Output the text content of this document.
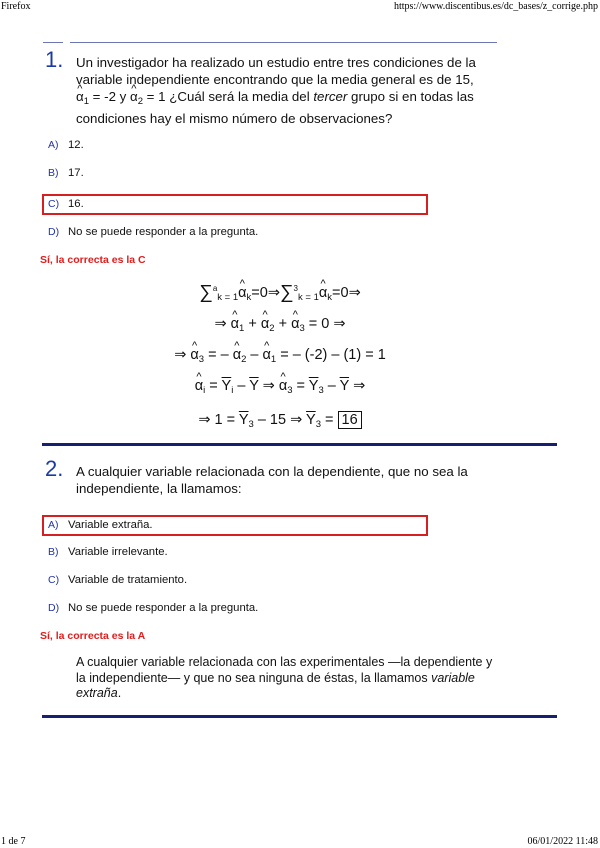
Firefox	https://www.discentibus.es/dc_bases/z_corrige.php
1 de 7	06/01/2022 11:48
1. Un investigador ha realizado un estudio entre tres condiciones de la
variable independiente encontrando que la media general es de 15,
^ $\alpha_1 = -2$ y ^ $\alpha_2 = 1$ ¿Cuál será la media del tercer grupo si en todas las
condiciones hay el mismo número de observaciones?
A) 12.
B) 17.
C) 16.
D) No se puede responder a la pregunta.
Sí, la correcta es la C
∑$^a_{k = 1}$^ $\alpha_k=0\Rightarrow\sum^3_{k = 1}\^{}$ $\alpha_k=0\Rightarrow$
⇒ ^ $\alpha_1$ + ^ $\alpha_2$ + ^ $\alpha_3 = 0$ ⇒
⇒ ^ $\alpha_3$ = – ^ $\alpha_2$ – ^ $\alpha_1$ = – (-2) – (1) = 1
^ $\alpha_i = \overline{Y}_i - \overline{Y}$ ⇒ ^ $\alpha_3 = \overline{Y}_3 - \overline{Y}$ ⇒
⇒ $1 = \overline{Y}_3 - 15$ ⇒ $\overline{Y}_3 = 16$
2. A cualquier variable relacionada con la dependiente, que no sea la
independiente, la llamamos:
A) Variable extraña.
B) Variable irrelevante.
C) Variable de tratamiento.
D) No se puede responder a la pregunta.
Sí, la correcta es la A
A cualquier variable relacionada con las experimentales —la dependiente y
la independiente— y que no sea ninguna de éstas, la llamamos variable
extraña.
